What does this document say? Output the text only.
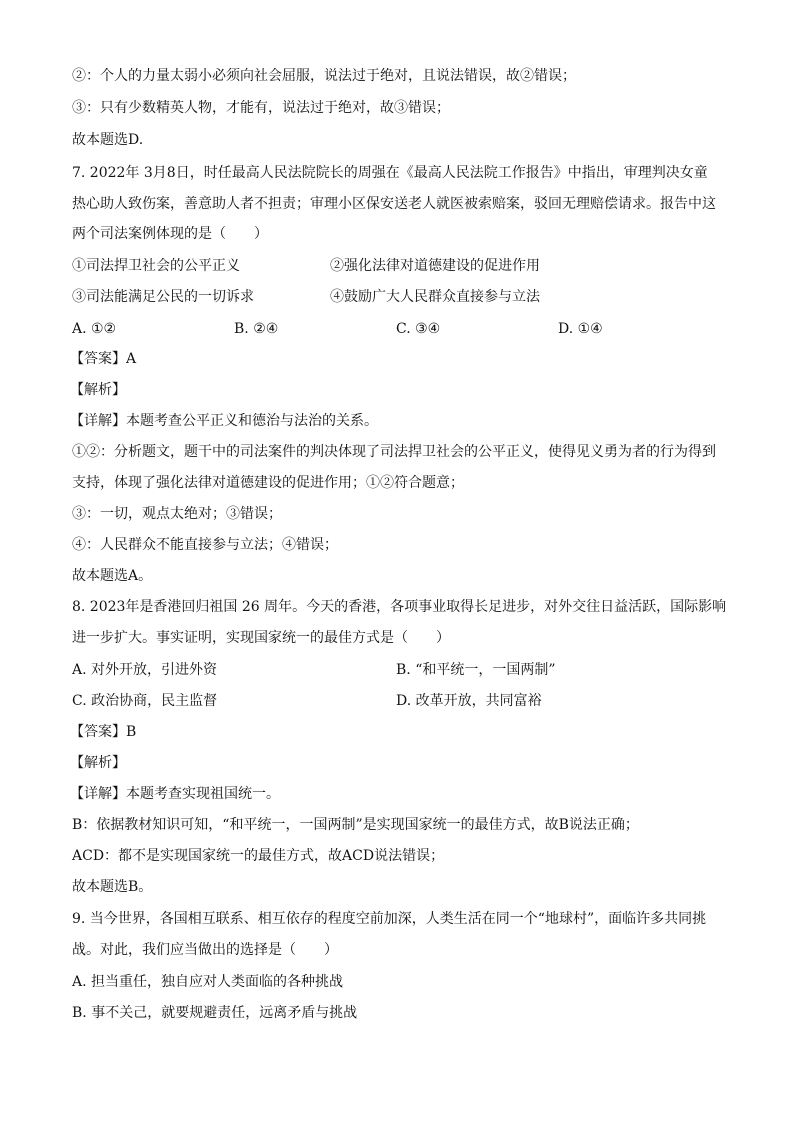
②：个人的力量太弱小必须向社会屈服，说法过于绝对，且说法错误，故②错误；
③：只有少数精英人物，才能有，说法过于绝对，故③错误；
故本题选D.
7. 2022年 3月8日，时任最高人民法院院长的周强在《最高人民法院工作报告》中指出，审理判决女童
热心助人致伤案，善意助人者不担责；审理小区保安送老人就医被索赔案，驳回无理赔偿请求。报告中这
两个司法案例体现的是（　　）
①司法捍卫社会的公平正义	②强化法律对道德建设的促进作用
③司法能满足公民的一切诉求	④鼓励广大人民群众直接参与立法
A. ①②	B. ②④	C. ③④	D. ①④
【答案】A
【解析】
【详解】本题考查公平正义和德治与法治的关系。
①②：分析题文，题干中的司法案件的判决体现了司法捍卫社会的公平正义，使得见义勇为者的行为得到
支持，体现了强化法律对道德建设的促进作用；①②符合题意；
③：一切，观点太绝对；③错误；
④：人民群众不能直接参与立法；④错误；
故本题选A。
8. 2023年是香港回归祖国 26 周年。今天的香港，各项事业取得长足进步，对外交往日益活跃，国际影响
进一步扩大。事实证明，实现国家统一的最佳方式是（　　）
A. 对外开放，引进外资	B. “和平统一，一国两制”
C. 政治协商，民主监督	D. 改革开放，共同富裕
【答案】B
【解析】
【详解】本题考查实现祖国统一。
B：依据教材知识可知，“和平统一，一国两制”是实现国家统一的最佳方式，故B说法正确；
ACD：都不是实现国家统一的最佳方式，故ACD说法错误；
故本题选B。
9. 当今世界，各国相互联系、相互依存的程度空前加深，人类生活在同一个“地球村”，面临许多共同挑
战。对此，我们应当做出的选择是（　　）
A. 担当重任，独自应对人类面临的各种挑战
B. 事不关己，就要规避责任，远离矛盾与挑战
